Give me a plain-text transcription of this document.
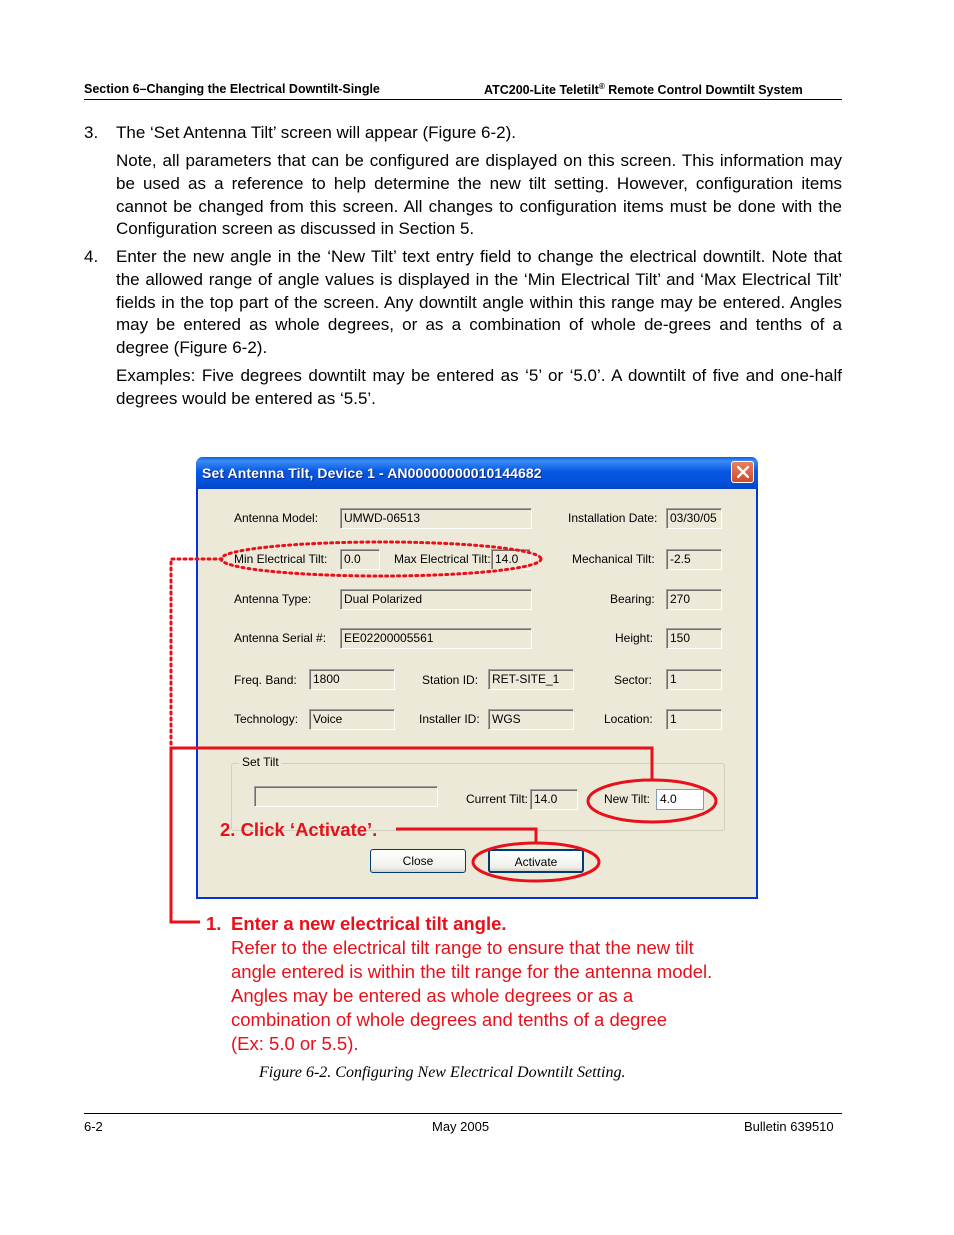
Section 6–Changing the Electrical Downtilt-Single	ATC200-Lite Teletilt® Remote Control Downtilt System
3. The ‘Set Antenna Tilt’ screen will appear (Figure 6-2).
Note, all parameters that can be configured are displayed on this screen. This information may be used as a reference to help determine the new tilt setting. However, configuration items cannot be changed from this screen. All changes to configuration items must be done with the Configuration screen as discussed in Section 5.
4. Enter the new angle in the ‘New Tilt’ text entry field to change the electrical downtilt. Note that the allowed range of angle values is displayed in the ‘Min Electrical Tilt’ and ‘Max Electrical Tilt’ fields in the top part of the screen. Any downtilt angle within this range may be entered. Angles may be entered as whole degrees, or as a combination of whole de-grees and tenths of a degree (Figure 6-2).
Examples: Five degrees downtilt may be entered as ‘5’ or ‘5.0’. A downtilt of five and one-half degrees would be entered as ‘5.5’.
Set Antenna Tilt, Device 1 - AN00000000010144682
Antenna Model:	UMWD-06513	Installation Date:	03/30/05
Min Electrical Tilt:	0.0	Max Electrical Tilt: 14.0	Mechanical Tilt:	-2.5
Antenna Type:	Dual Polarized	Bearing:	270
Antenna Serial #:	EE02200005561	Height:	150
Freq. Band:	1800	Station ID:	RET-SITE_1	Sector:	1
Technology:	Voice	Installer ID:	WGS	Location:	1
Set Tilt
Current Tilt: 14.0	New Tilt: 4.0
Close	Activate
2. Click ‘Activate’.
1. Enter a new electrical tilt angle.
Refer to the electrical tilt range to ensure that the new tilt
angle entered is within the tilt range for the antenna model.
Angles may be entered as whole degrees or as a
combination of whole degrees and tenths of a degree
(Ex: 5.0 or 5.5).
Figure 6-2. Configuring New Electrical Downtilt Setting.
6-2	May 2005	Bulletin 639510
